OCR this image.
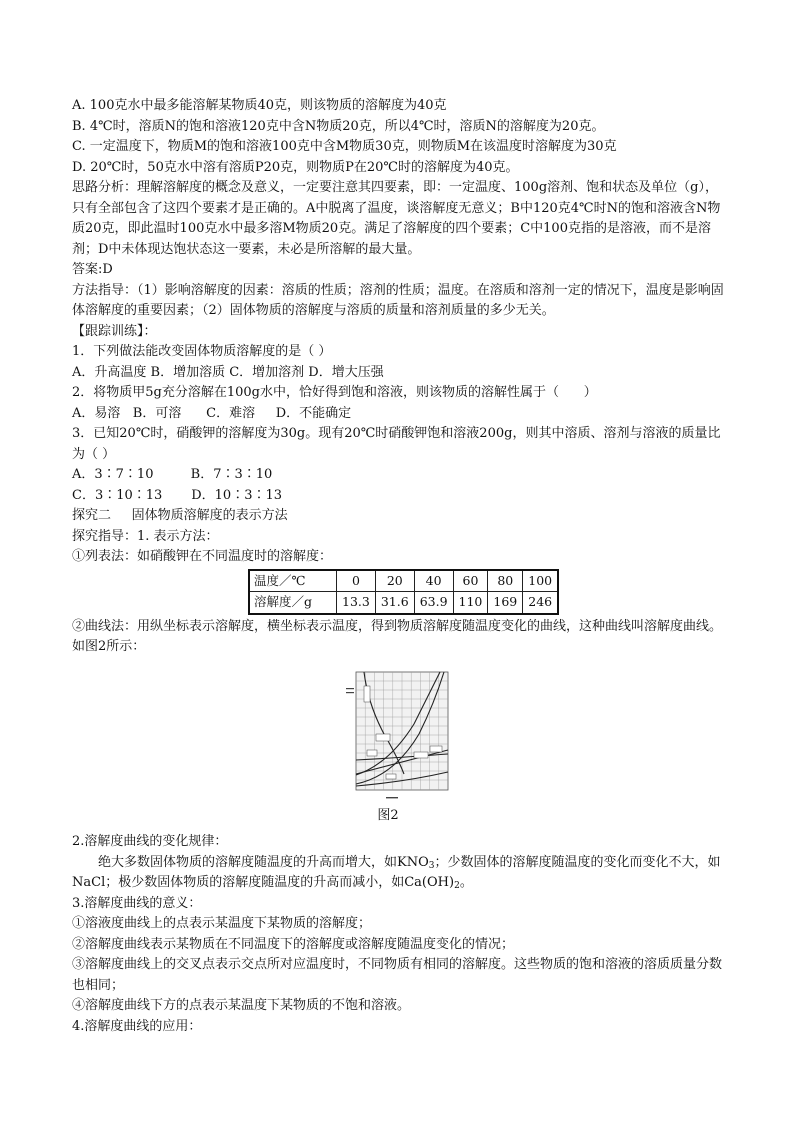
A. 100克水中最多能溶解某物质40克，则该物质的溶解度为40克
B. 4℃时，溶质N的饱和溶液120克中含N物质20克，所以4℃时，溶质N的溶解度为20克。
C. 一定温度下，物质M的饱和溶液100克中含M物质30克，则物质M在该温度时溶解度为30克
D. 20℃时，50克水中溶有溶质P20克，则物质P在20℃时的溶解度为40克。
思路分析：理解溶解度的概念及意义，一定要注意其四要素，即：一定温度、100g溶剂、饱和状态及单位（g），只有全部包含了这四个要素才是正确的。A中脱离了温度，谈溶解度无意义；B中120克4℃时N的饱和溶液含N物质20克，即此温时100克水中最多溶M物质20克。满足了溶解度的四个要素；C中100克指的是溶液，而不是溶剂；D中未体现达饱状态这一要素，未必是所溶解的最大量。
答案:D
方法指导：（1）影响溶解度的因素：溶质的性质；溶剂的性质；温度。在溶质和溶剂一定的情况下，温度是影响固体溶解度的重要因素；（2）固体物质的溶解度与溶质的质量和溶剂质量的多少无关。
【跟踪训练】：
1．下列做法能改变固体物质溶解度的是（ ）
A．升高温度 B．增加溶质 C．增加溶剂 D．增大压强
2．将物质甲5g充分溶解在100g水中，恰好得到饱和溶液，则该物质的溶解性属于（      ）
A．易溶   B．可溶      C．难溶     D．不能确定
3．已知20℃时，硝酸钾的溶解度为30g。现有20℃时硝酸钾饱和溶液200g，则其中溶质、溶剂与溶液的质量比为（ ）
A．3∶7∶10         B．7∶3∶10
C．3∶10∶13       D．10∶3∶13
探究二     固体物质溶解度的表示方法
探究指导：1. 表示方法：
①列表法：如硝酸钾在不同温度时的溶解度：
温度／℃	0	20	40	60	80	100
溶解度／g	13.3	31.6	63.9	110	169	246
②曲线法：用纵坐标表示溶解度，横坐标表示温度，得到物质溶解度随温度变化的曲线，这种曲线叫溶解度曲线。如图2所示：
图2
2.溶解度曲线的变化规律：
绝大多数固体物质的溶解度随温度的升高而增大，如$KNO_3$；少数固体的溶解度随温度的变化而变化不大，如NaCl；极少数固体物质的溶解度随温度的升高而减小，如$Ca(OH)_2$。
3.溶解度曲线的意义：
①溶液度曲线上的点表示某温度下某物质的溶解度；
②溶解度曲线表示某物质在不同温度下的溶解度或溶解度随温度变化的情况；
③溶解度曲线上的交叉点表示交点所对应温度时，不同物质有相同的溶解度。这些物质的饱和溶液的溶质质量分数也相同；
④溶解度曲线下方的点表示某温度下某物质的不饱和溶液。
4.溶解度曲线的应用：
